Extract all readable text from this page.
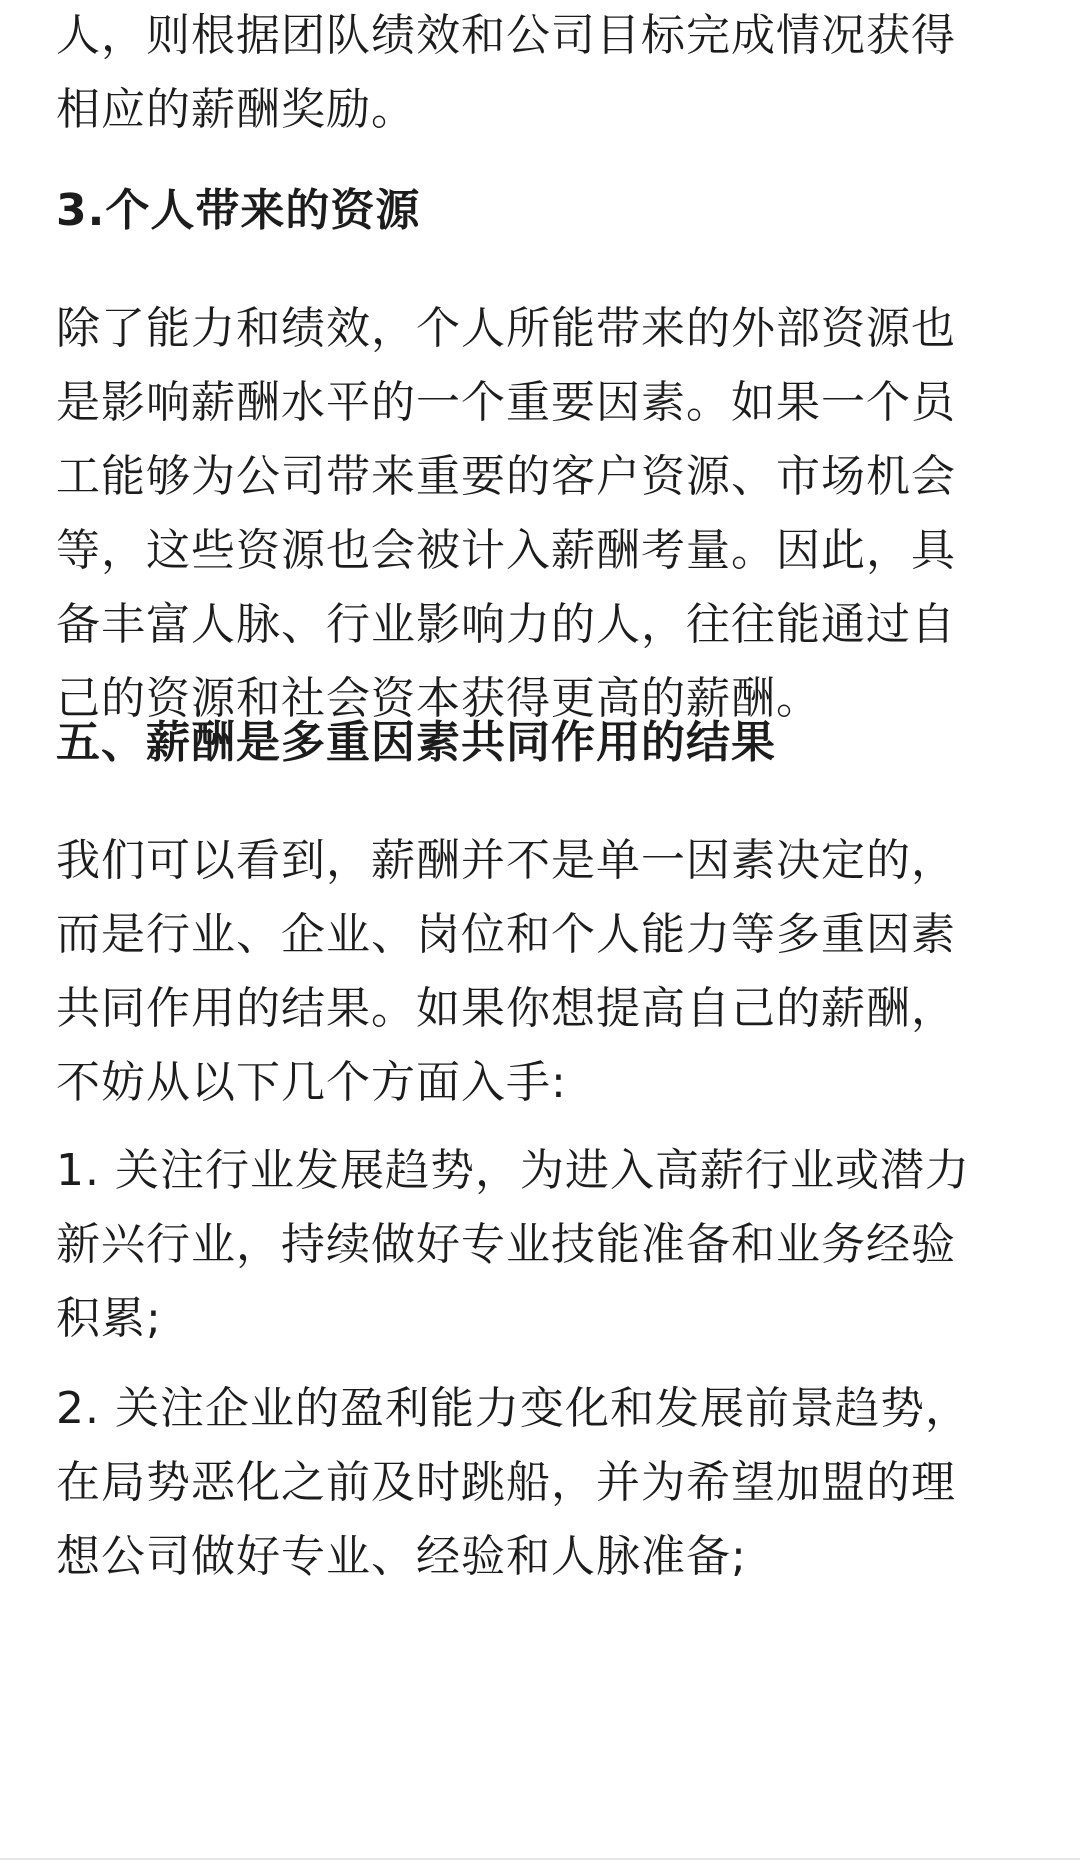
人，则根据团队绩效和公司目标完成情况获得
相应的薪酬奖励。

3.个人带来的资源

除了能力和绩效，个人所能带来的外部资源也
是影响薪酬水平的一个重要因素。如果一个员
工能够为公司带来重要的客户资源、市场机会
等，这些资源也会被计入薪酬考量。因此，具
备丰富人脉、行业影响力的人，往往能通过自
己的资源和社会资本获得更高的薪酬。

五、薪酬是多重因素共同作用的结果

我们可以看到，薪酬并不是单一因素决定的，
而是行业、企业、岗位和个人能力等多重因素
共同作用的结果。如果你想提高自己的薪酬，
不妨从以下几个方面入手:

1. 关注行业发展趋势，为进入高薪行业或潜力
新兴行业，持续做好专业技能准备和业务经验
积累;

2. 关注企业的盈利能力变化和发展前景趋势，
在局势恶化之前及时跳船，并为希望加盟的理
想公司做好专业、经验和人脉准备;
